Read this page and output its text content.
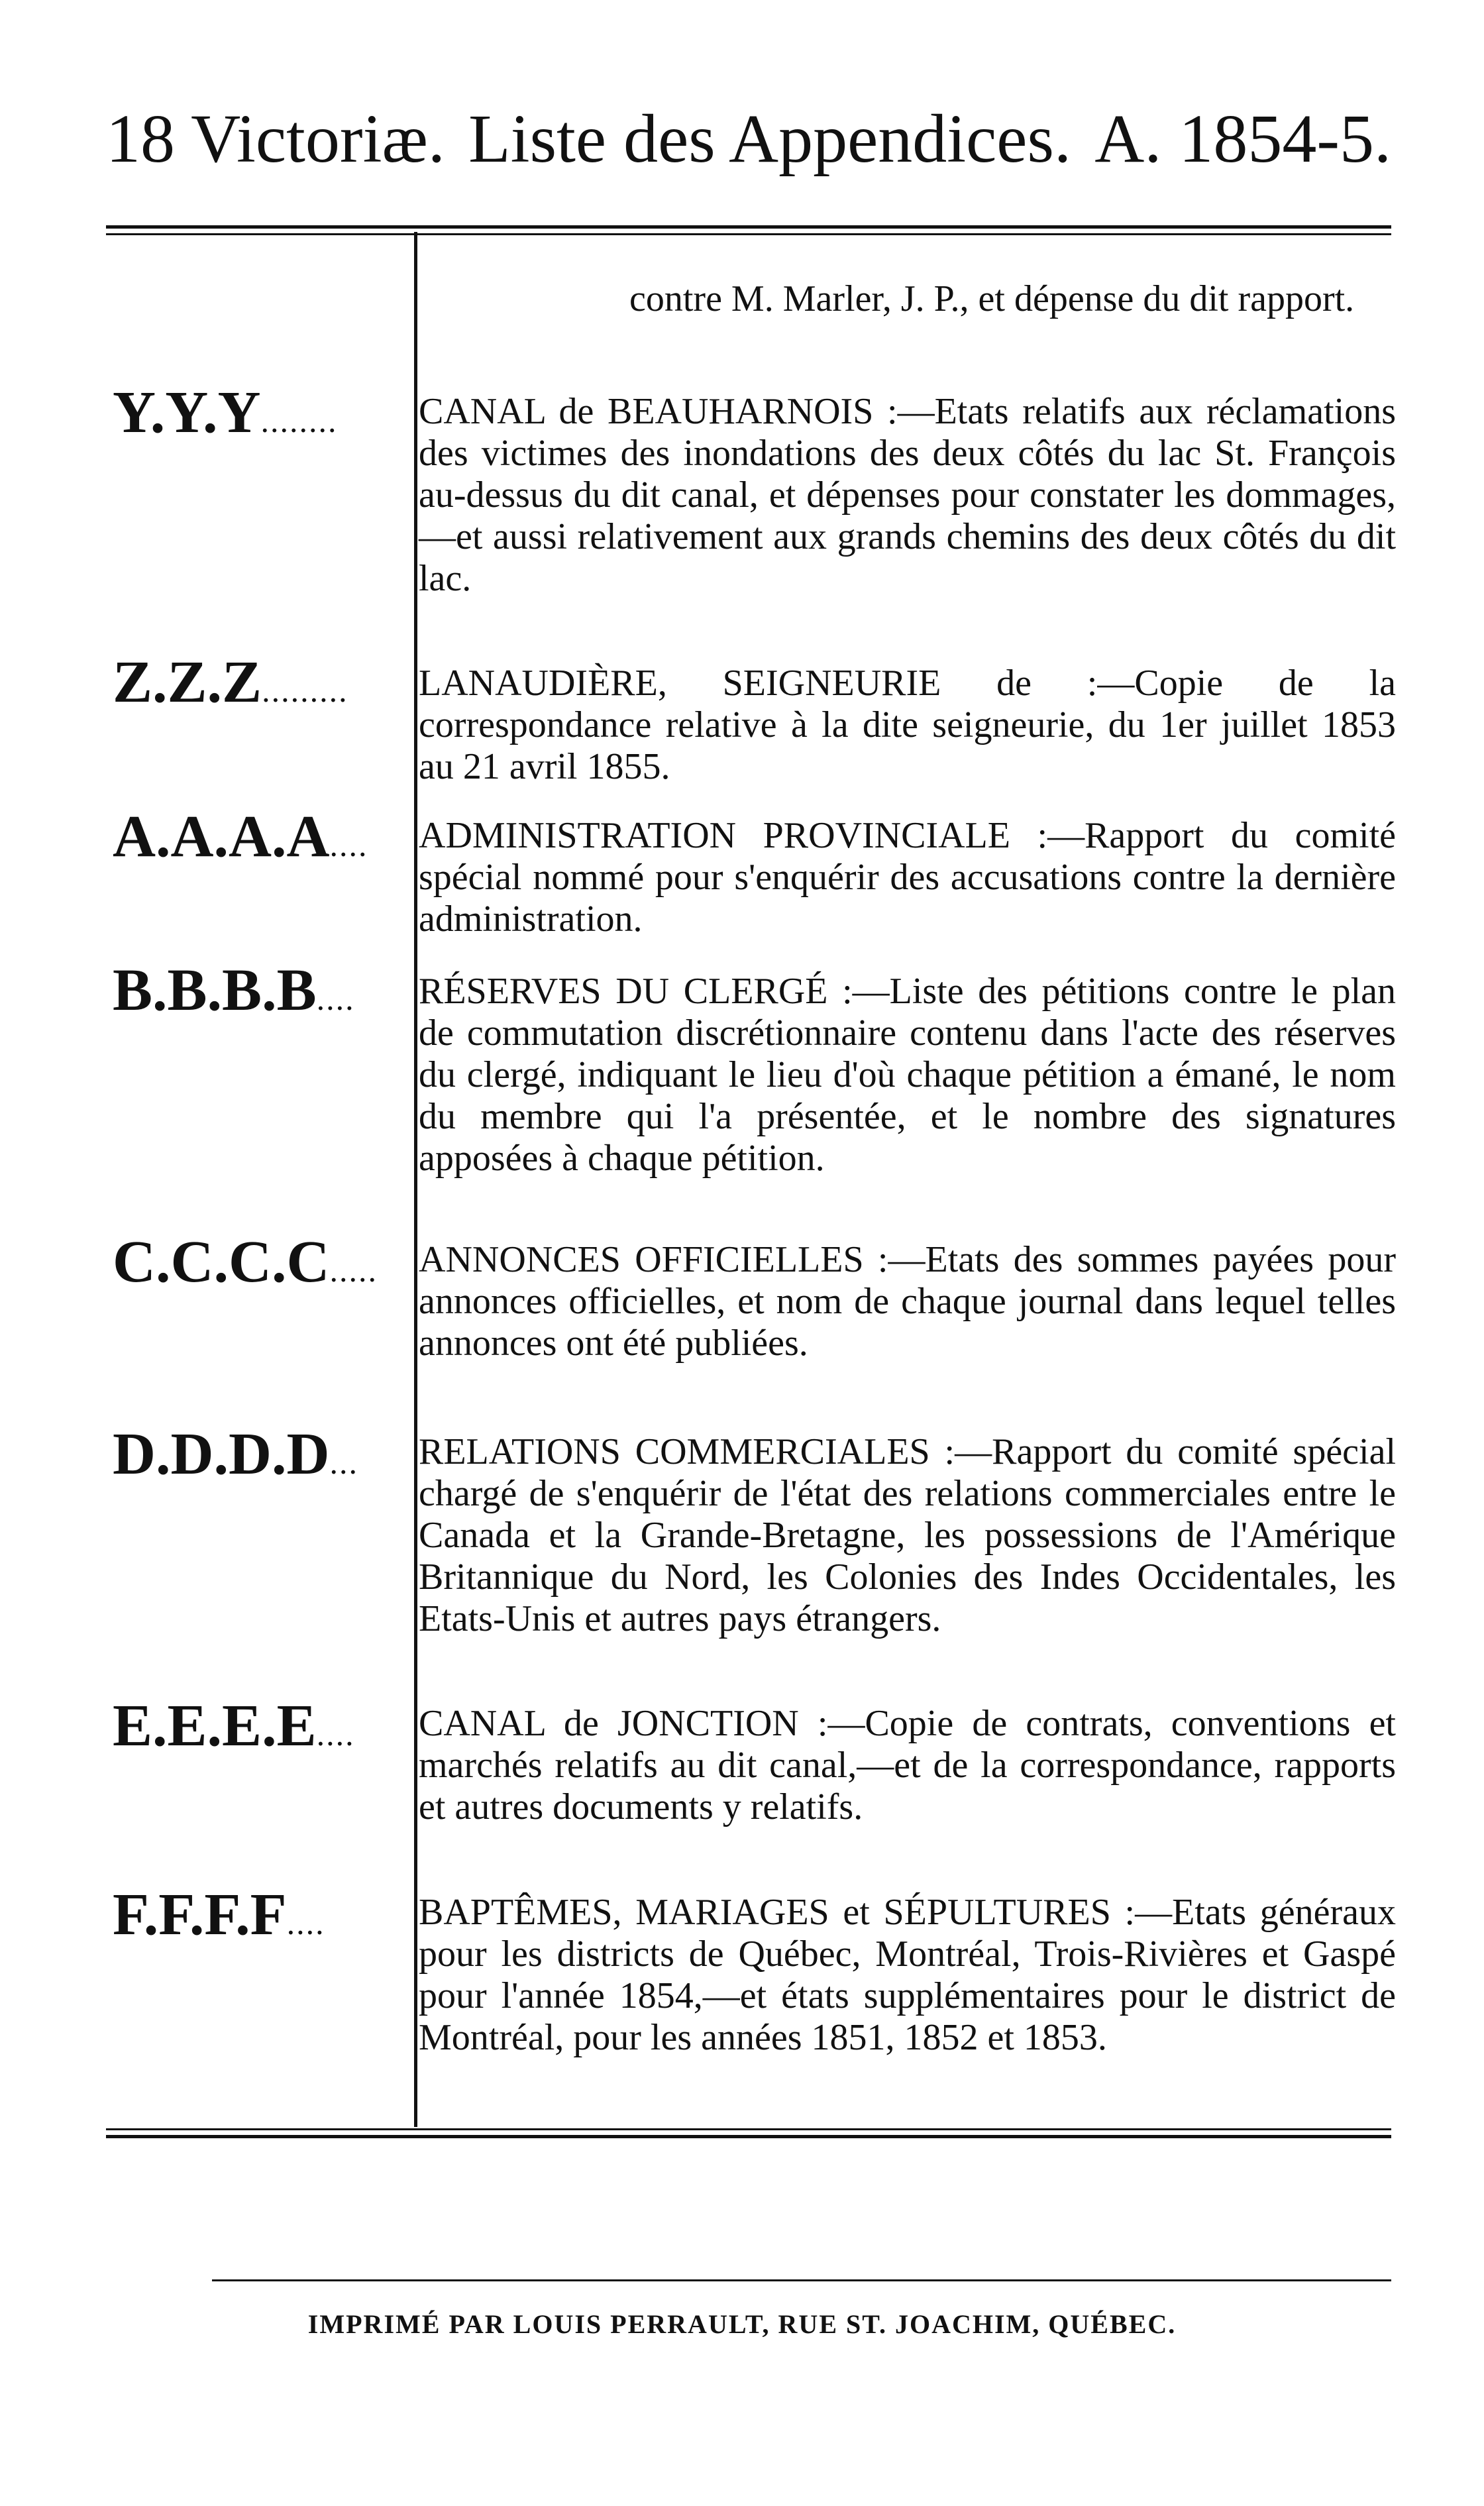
18 Victoriæ. Liste des Appendices. A. 1854-5.
contre M. Marler, J. P., et dépense du dit rapport.
Y.Y.Y........	CANAL de BEAUHARNOIS :—Etats relatifs aux réclamations des victimes des inondations des deux côtés du lac St. François au-dessus du dit canal, et dépenses pour constater les dommages,—et aussi relativement aux grands chemins des deux côtés du dit lac.
Z.Z.Z.........	LANAUDIÈRE, SEIGNEURIE de :—Copie de la correspondance relative à la dite seigneurie, du 1er juillet 1853 au 21 avril 1855.
A.A.A.A....	ADMINISTRATION PROVINCIALE :—Rapport du comité spécial nommé pour s'enquérir des accusations contre la dernière administration.
B.B.B.B....	RÉSERVES DU CLERGÉ :—Liste des pétitions contre le plan de commutation discrétionnaire contenu dans l'acte des réserves du clergé, indiquant le lieu d'où chaque pétition a émané, le nom du membre qui l'a présentée, et le nombre des signatures apposées à chaque pétition.
C.C.C.C.....	ANNONCES OFFICIELLES :—Etats des sommes payées pour annonces officielles, et nom de chaque journal dans lequel telles annonces ont été publiées.
D.D.D.D...	RELATIONS COMMERCIALES :—Rapport du comité spécial chargé de s'enquérir de l'état des relations commerciales entre le Canada et la Grande-Bretagne, les possessions de l'Amérique Britannique du Nord, les Colonies des Indes Occidentales, les Etats-Unis et autres pays étrangers.
E.E.E.E....	CANAL de JONCTION :—Copie de contrats, conventions et marchés relatifs au dit canal,—et de la correspondance, rapports et autres documents y relatifs.
F.F.F.F....	BAPTÊMES, MARIAGES et SÉPULTURES :—Etats généraux pour les districts de Québec, Montréal, Trois-Rivières et Gaspé pour l'année 1854,—et états supplémentaires pour le district de Montréal, pour les années 1851, 1852 et 1853.
IMPRIMÉ PAR LOUIS PERRAULT, RUE ST. JOACHIM, QUÉBEC.
